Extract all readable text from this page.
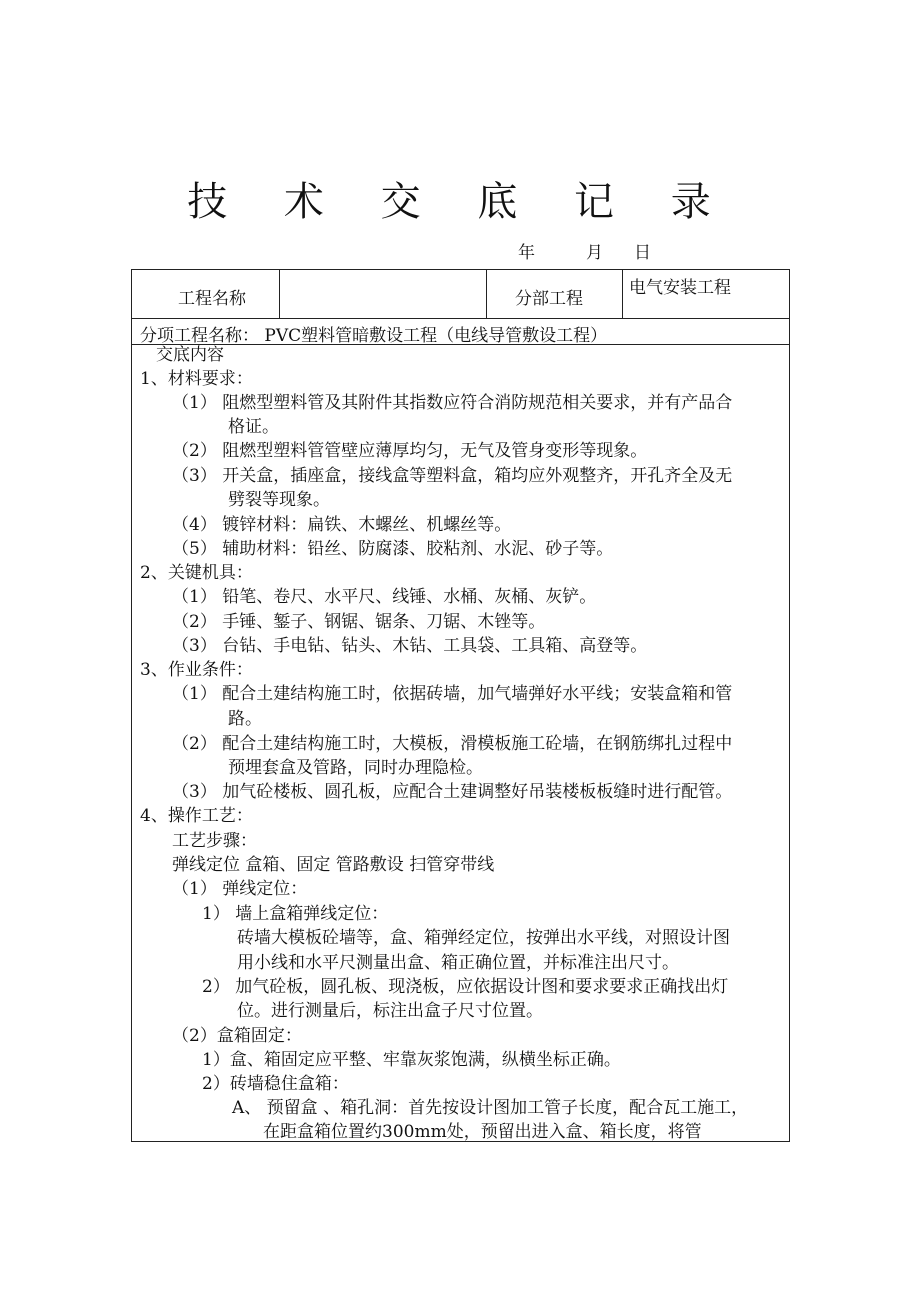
技 术 交 底 记 录
年	月 日
工程名称	分部工程
电气安装工程
分项工程名称： PVC塑料管暗敷设工程（电线导管敷设工程）
交底内容
1、材料要求：
（1） 阻燃型塑料管及其附件其指数应符合消防规范相关要求，并有产品合
格证。
（2） 阻燃型塑料管管壁应薄厚均匀，无气及管身变形等现象。
（3） 开关盒，插座盒，接线盒等塑料盒，箱均应外观整齐，开孔齐全及无
劈裂等现象。
（4） 镀锌材料：扁铁、木螺丝、机螺丝等。
（5） 辅助材料：铅丝、防腐漆、胶粘剂、水泥、砂子等。
2、关键机具：
（1） 铅笔、卷尺、水平尺、线锤、水桶、灰桶、灰铲。
（2） 手锤、錾子、钢锯、锯条、刀锯、木锉等。
（3） 台钻、手电钻、钻头、木钻、工具袋、工具箱、高登等。
3、作业条件：
（1） 配合土建结构施工时，依据砖墙，加气墙弹好水平线；安装盒箱和管
路。
（2） 配合土建结构施工时，大模板，滑模板施工砼墙，在钢筋绑扎过程中
预埋套盒及管路，同时办理隐检。
（3） 加气砼楼板、圆孔板，应配合土建调整好吊装楼板板缝时进行配管。
4、操作工艺：
工艺步骤：
弹线定位 盒箱、固定 管路敷设 扫管穿带线
（1） 弹线定位：
1） 墙上盒箱弹线定位：
砖墙大模板砼墙等，盒、箱弹经定位，按弹出水平线，对照设计图
用小线和水平尺测量出盒、箱正确位置，并标准注出尺寸。
2） 加气砼板，圆孔板、现浇板，应依据设计图和要求要求正确找出灯
位。进行测量后，标注出盒子尺寸位置。
（2）盒箱固定：
1）盒、箱固定应平整、牢靠灰浆饱满，纵横坐标正确。
2）砖墙稳住盒箱：
A、 预留盒 、箱孔洞：首先按设计图加工管子长度，配合瓦工施工，
在距盒箱位置约300mm处，预留出进入盒、箱长度，将管
